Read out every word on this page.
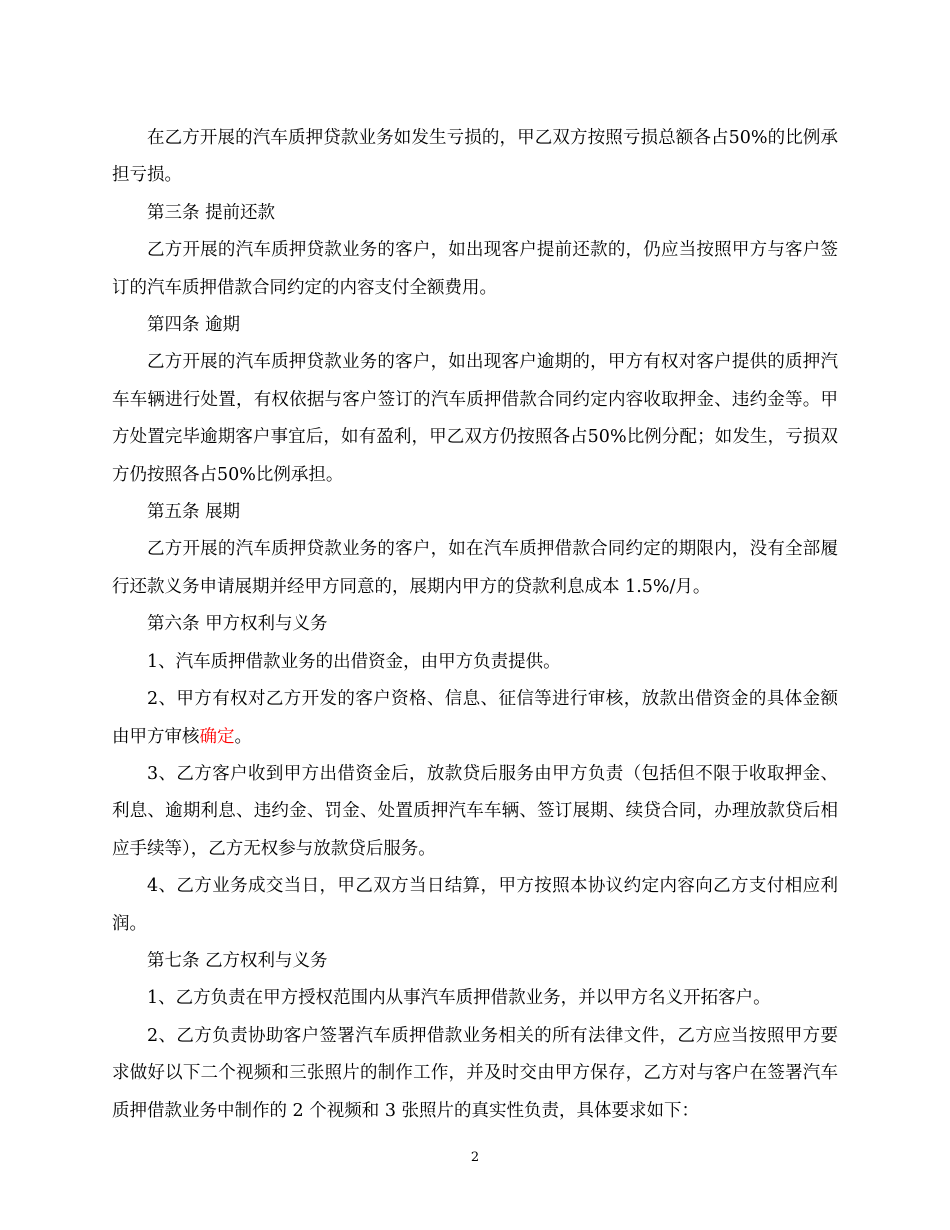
在乙方开展的汽车质押贷款业务如发生亏损的，甲乙双方按照亏损总额各占50%的比例承担亏损。

第三条 提前还款

乙方开展的汽车质押贷款业务的客户，如出现客户提前还款的，仍应当按照甲方与客户签订的汽车质押借款合同约定的内容支付全额费用。

第四条 逾期

乙方开展的汽车质押贷款业务的客户，如出现客户逾期的，甲方有权对客户提供的质押汽车车辆进行处置，有权依据与客户签订的汽车质押借款合同约定内容收取押金、违约金等。甲方处置完毕逾期客户事宜后，如有盈利，甲乙双方仍按照各占50%比例分配；如发生，亏损双方仍按照各占50%比例承担。

第五条 展期

乙方开展的汽车质押贷款业务的客户，如在汽车质押借款合同约定的期限内，没有全部履行还款义务申请展期并经甲方同意的，展期内甲方的贷款利息成本 1.5%/月。

第六条 甲方权利与义务

1、汽车质押借款业务的出借资金，由甲方负责提供。

2、甲方有权对乙方开发的客户资格、信息、征信等进行审核，放款出借资金的具体金额由甲方审核确定。

3、乙方客户收到甲方出借资金后，放款贷后服务由甲方负责（包括但不限于收取押金、利息、逾期利息、违约金、罚金、处置质押汽车车辆、签订展期、续贷合同，办理放款贷后相应手续等），乙方无权参与放款贷后服务。

4、乙方业务成交当日，甲乙双方当日结算，甲方按照本协议约定内容向乙方支付相应利润。

第七条 乙方权利与义务

1、乙方负责在甲方授权范围内从事汽车质押借款业务，并以甲方名义开拓客户。

2、乙方负责协助客户签署汽车质押借款业务相关的所有法律文件，乙方应当按照甲方要求做好以下二个视频和三张照片的制作工作，并及时交由甲方保存，乙方对与客户在签署汽车质押借款业务中制作的 2 个视频和 3 张照片的真实性负责，具体要求如下：

2
